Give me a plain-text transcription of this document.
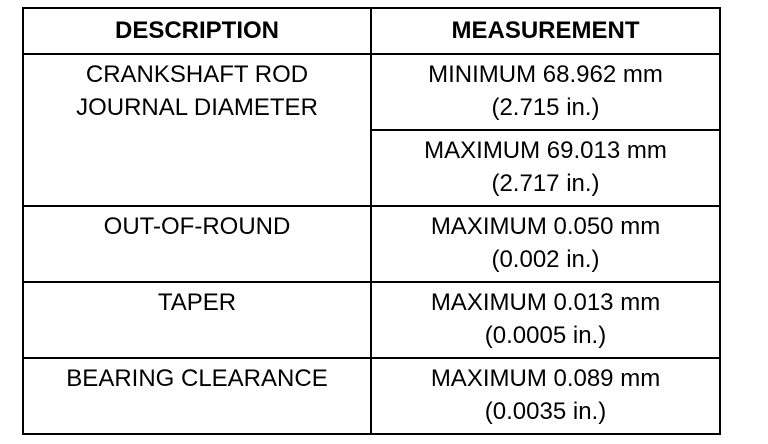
DESCRIPTION	MEASUREMENT

CRANKSHAFT ROD
JOURNAL DIAMETER	MINIMUM 68.962 mm
(2.715 in.)

	MAXIMUM 69.013 mm
(2.717 in.)

OUT-OF-ROUND	MAXIMUM 0.050 mm
(0.002 in.)

TAPER	MAXIMUM 0.013 mm
(0.0005 in.)

BEARING CLEARANCE	MAXIMUM 0.089 mm
(0.0035 in.)
